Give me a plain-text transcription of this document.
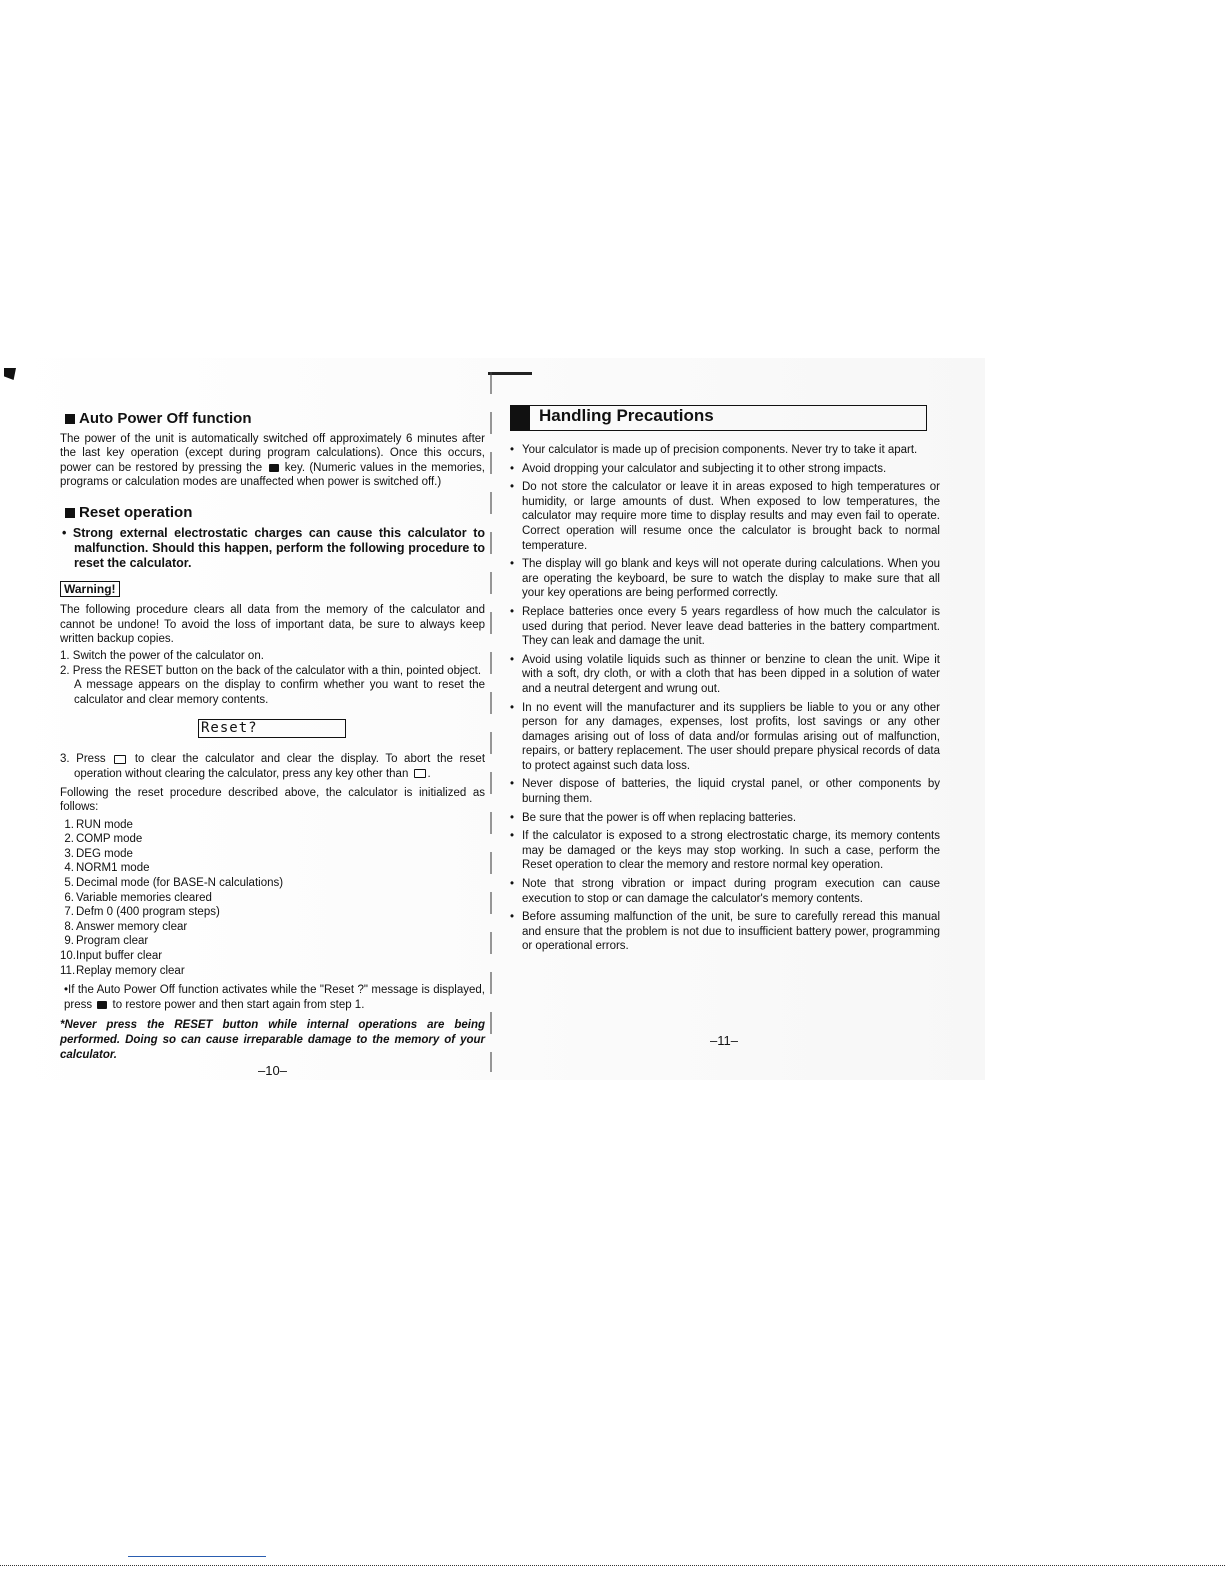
Auto Power Off function

The power of the unit is automatically switched off approximately 6 minutes after the last key operation (except during program calculations). Once this occurs, power can be restored by pressing the key. (Numeric values in the memories, programs or calculation modes are unaffected when power is switched off.)

Reset operation

• Strong external electrostatic charges can cause this calculator to malfunction. Should this happen, perform the following procedure to reset the calculator.

Warning!

The following procedure clears all data from the memory of the calculator and cannot be undone! To avoid the loss of important data, be sure to always keep written backup copies.

1. Switch the power of the calculator on.
2. Press the RESET button on the back of the calculator with a thin, pointed object.
A message appears on the display to confirm whether you want to reset the calculator and clear memory contents.
Reset?
3. Press	to clear the calculator and clear the display. To abort the reset operation without clearing the calculator, press any key other than .

Following the reset procedure described above, the calculator is initialized as follows:

1. RUN mode
2. COMP mode
3. DEG mode
4. NORM1 mode
5. Decimal mode (for BASE-N calculations)
6. Variable memories cleared
7. Defm 0 (400 program steps)
8. Answer memory clear
9. Program clear
10. Input buffer clear
11. Replay memory clear

•If the Auto Power Off function activates while the "Reset ?" message is displayed, press to restore power and then start again from step 1.

*Never press the RESET button while internal operations are being performed. Doing so can cause irreparable damage to the memory of your calculator.

–10–
Handling Precautions
• Your calculator is made up of precision components. Never try to take it apart.
• Avoid dropping your calculator and subjecting it to other strong impacts.
• Do not store the calculator or leave it in areas exposed to high temperatures or humidity, or large amounts of dust. When exposed to low temperatures, the calculator may require more time to display results and may even fail to operate. Correct operation will resume once the calculator is brought back to normal temperature.
• The display will go blank and keys will not operate during calculations. When you are operating the keyboard, be sure to watch the display to make sure that all your key operations are being performed correctly.
• Replace batteries once every 5 years regardless of how much the calculator is used during that period. Never leave dead batteries in the battery compartment. They can leak and damage the unit.
• Avoid using volatile liquids such as thinner or benzine to clean the unit. Wipe it with a soft, dry cloth, or with a cloth that has been dipped in a solution of water and a neutral detergent and wrung out.
• In no event will the manufacturer and its suppliers be liable to you or any other person for any damages, expenses, lost profits, lost savings or any other damages arising out of loss of data and/or formulas arising out of malfunction, repairs, or battery replacement. The user should prepare physical records of data to protect against such data loss.
• Never dispose of batteries, the liquid crystal panel, or other components by burning them.
• Be sure that the power is off when replacing batteries.
• If the calculator is exposed to a strong electrostatic charge, its memory contents may be damaged or the keys may stop working. In such a case, perform the Reset operation to clear the memory and restore normal key operation.
• Note that strong vibration or impact during program execution can cause execution to stop or can damage the calculator's memory contents.
• Before assuming malfunction of the unit, be sure to carefully reread this manual and ensure that the problem is not due to insufficient battery power, programming or operational errors.
–11–
